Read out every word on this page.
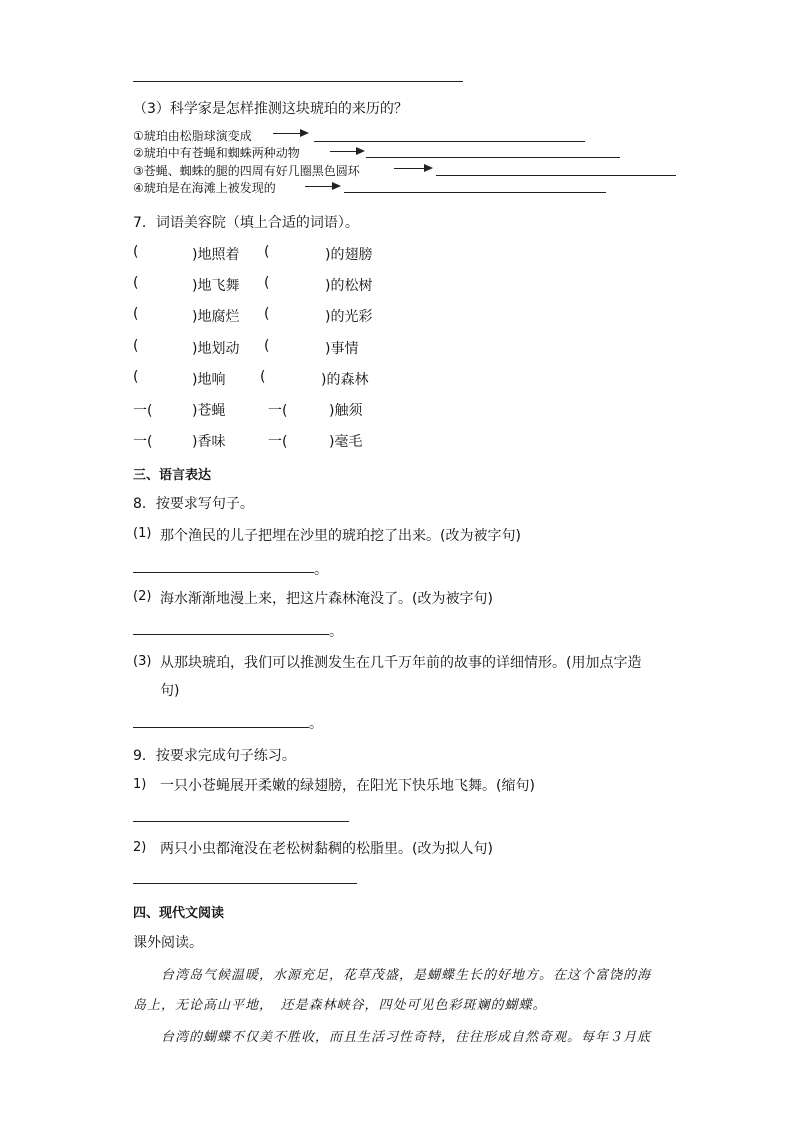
（3）科学家是怎样推测这块琥珀的来历的？
①琥珀由松脂球演变成
②琥珀中有苍蝇和蜘蛛两种动物
③苍蝇、蜘蛛的腿的四周有好几圈黑色圆环
④琥珀是在海滩上被发现的
7．词语美容院（填上合适的词语）。
(	)地照着 (	)的翅膀
(	)地飞舞 (	)的松树
(	)地腐烂 (	)的光彩
(	)地划动 (	)事情
(	)地响 (	)的森林
一(	)苍蝇	一(	)触须
一(	)香味	一(	)毫毛
三、语言表达
8．按要求写句子。
(1) 那个渔民的儿子把埋在沙里的琥珀挖了出来。(改为被字句)
。
(2) 海水渐渐地漫上来，把这片森林淹没了。(改为被字句)
。
(3) 从那块琥珀，我们可以推测发生在几千万年前的故事的详细情形。(用加点字造
句)
。
9．按要求完成句子练习。
1) 一只小苍蝇展开柔嫩的绿翅膀，在阳光下快乐地飞舞。(缩句)
2) 两只小虫都淹没在老松树黏稠的松脂里。(改为拟人句)
四、现代文阅读
课外阅读。
台湾岛气候温暖，水源充足，花草茂盛，是蝴蝶生长的好地方。在这个富饶的海
岛上，无论高山平地，　还是森林峡谷，四处可见色彩斑斓的蝴蝶。
台湾的蝴蝶不仅美不胜收，而且生活习性奇特，往往形成自然奇观。每年３月底
